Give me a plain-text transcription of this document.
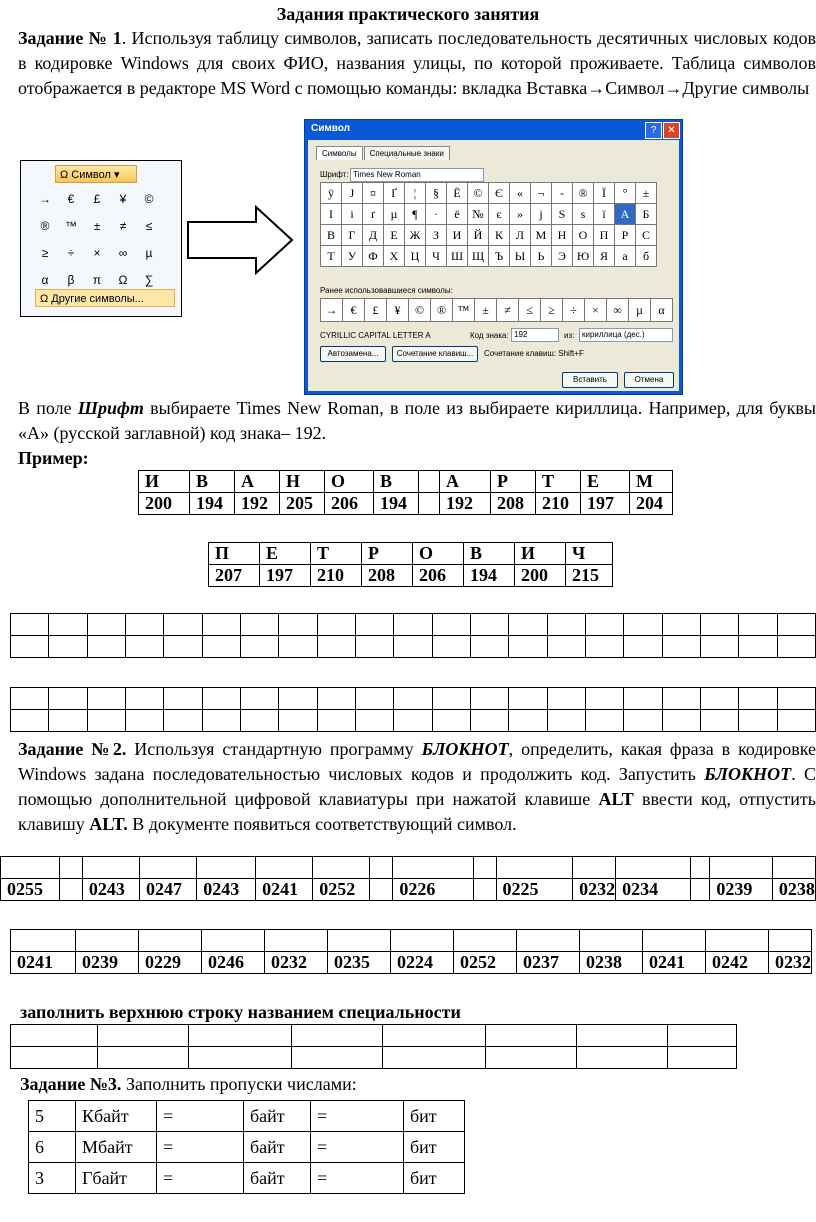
Задания практического занятия

Задание № 1. Используя таблицу символов, записать последовательность десятичных числовых кодов в кодировке Windows для своих ФИО, названия улицы, по которой проживаете. Таблица символов отображается в редакторе MS Word с помощью команды: вкладка Вставка→Символ→Другие символы

Ω Символ ▾
→ € £ ¥ ©® ™ ± ≠ ≤≥ ÷ × ∞ µα β π Ω ∑
Ω Другие символы...
Символ	?	✕
Символы Специальные знаки
Шрифт: Times New Roman
ÿ Ј ¤ Ґ ¦ § Ё © Є « ¬ - ® Ї ° ±
І і ґ µ ¶ · ё № є » ј Ѕ ѕ ї А Б
В Г Д Е Ж З И Й К Л М Н О П Р С
Т У Ф Х Ц Ч Ш Щ Ъ Ы Ь Э Ю Я а б

Ранее использовавшиеся символы:
→ € £ ¥ © ® ™ ± ≠ ≤ ≥ ÷ × ∞ µ α
CYRILLIC CAPITAL LETTER A	Код знака: 192	из: кириллица (дес.)
Автозамена...	Сочетание клавиш...	Сочетание клавиш: Shift+F
Вставить	Отмена

В поле Шрифт выбираете Times New Roman, в поле из выбираете кириллица. Например, для буквы «А» (русской заглавной) код знака– 192.

Пример:
И	В	А	Н	О	В		А	Р	Т	Е	М
200	194	192	205	206	194		192	208	210	197	204
П	Е	Т	Р	О	В	И	Ч
207	197	210	208	206	194	200	215

Задание №2. Используя стандартную программу БЛОКНОТ, определить, какая фраза в кодировке Windows задана последовательностью числовых кодов и продолжить код. Запустить БЛОКНОТ. С помощью дополнительной цифровой клавиатуры при нажатой клавише ALT ввести код, отпустить клавишу ALT. В документе появиться соответствующий символ.

0255		0243	0247	0243	0241	0252		0226		0225	0232	0234		0239	0238

0241	0239	0229	0246	0232	0235	0224	0252	0237	0238	0241	0242	0232
заполнить верхнюю строку названием специальности

Задание №3. Заполнить пропуски числами:
5	Кбайт	=	байт	=	бит
6	Мбайт	=	байт	=	бит
3	Гбайт	=	байт	=	бит
